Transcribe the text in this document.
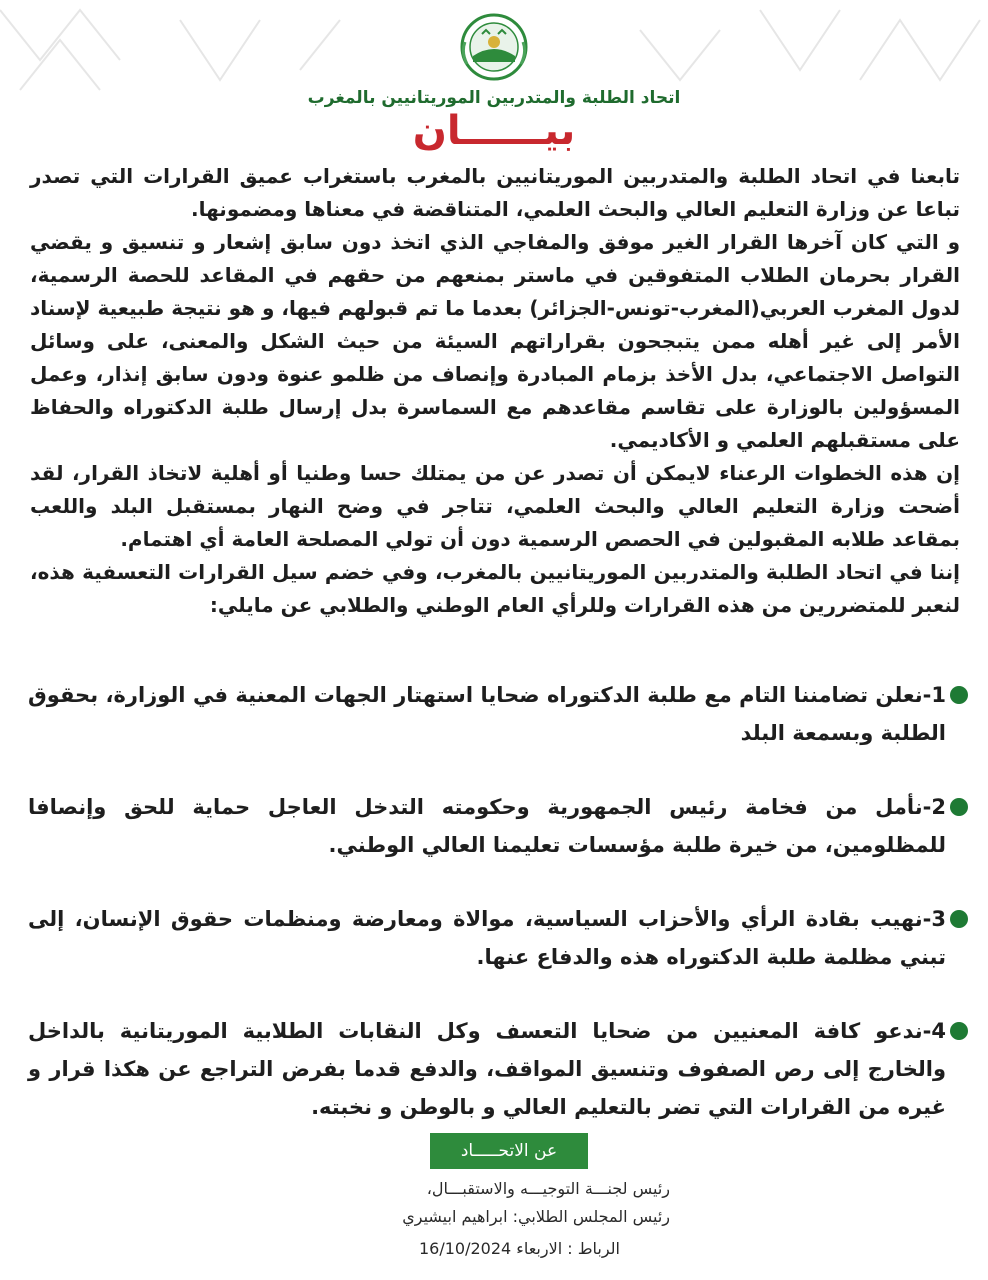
اتحاد الطلبة والمتدربين الموريتانيين بالمغرب
بيــــــان

تابعنا في اتحاد الطلبة والمتدربين الموريتانيين بالمغرب باستغراب عميق القرارات التي تصدر تباعا عن وزارة التعليم العالي والبحث العلمي، المتناقضة في معناها ومضمونها.

و التي كان آخرها القرار الغير موفق والمفاجي الذي اتخذ دون سابق إشعار و تنسيق و يقضي القرار بحرمان الطلاب المتفوقين في ماستر بمنعهم من حقهم في المقاعد للحصة الرسمية، لدول المغرب العربي(المغرب-تونس-الجزائر) بعدما ما تم قبولهم فيها، و هو نتيجة طبيعية لإسناد الأمر إلى غير أهله ممن يتبجحون بقراراتهم السيئة من حيث الشكل والمعنى، على وسائل التواصل الاجتماعي، بدل الأخذ بزمام المبادرة وإنصاف من ظلمو عنوة ودون سابق إنذار، وعمل المسؤولين بالوزارة على تقاسم مقاعدهم مع السماسرة بدل إرسال طلبة الدكتوراه والحفاظ على مستقبلهم العلمي و الأكاديمي.

إن هذه الخطوات الرعناء لايمكن أن تصدر عن من يمتلك حسا وطنيا أو أهلية لاتخاذ القرار، لقد أضحت وزارة التعليم العالي والبحث العلمي، تتاجر في وضح النهار بمستقبل البلد واللعب بمقاعد طلابه المقبولين في الحصص الرسمية دون أن تولي المصلحة العامة أي اهتمام.

إننا في اتحاد الطلبة والمتدربين الموريتانيين بالمغرب، وفي خضم سيل القرارات التعسفية هذه، لنعبر للمتضررين من هذه القرارات وللرأي العام الوطني والطلابي عن مايلي:

1-نعلن تضامننا التام مع طلبة الدكتوراه ضحايا استهتار الجهات المعنية في الوزارة، بحقوق الطلبة وبسمعة البلد
2-نأمل من فخامة رئيس الجمهورية وحكومته التدخل العاجل حماية للحق وإنصافا للمظلومين، من خيرة طلبة مؤسسات تعليمنا العالي الوطني.
3-نهيب بقادة الرأي والأحزاب السياسية، موالاة ومعارضة ومنظمات حقوق الإنسان، إلى تبني مظلمة طلبة الدكتوراه هذه والدفاع عنها.
4-ندعو كافة المعنيين من ضحايا التعسف وكل النقابات الطلابية الموريتانية بالداخل والخارج إلى رص الصفوف وتنسيق المواقف، والدفع قدما بفرض التراجع عن هكذا قرار و غيره من القرارات التي تضر بالتعليم العالي و بالوطن و نخبته.
عن الاتحـــــاد
رئيس لجنـــة التوجيـــه والاستقبـــال،
رئيس المجلس الطلابي: ابراهيم ابيشيري
الرباط : الاربعاء 16/10/2024
